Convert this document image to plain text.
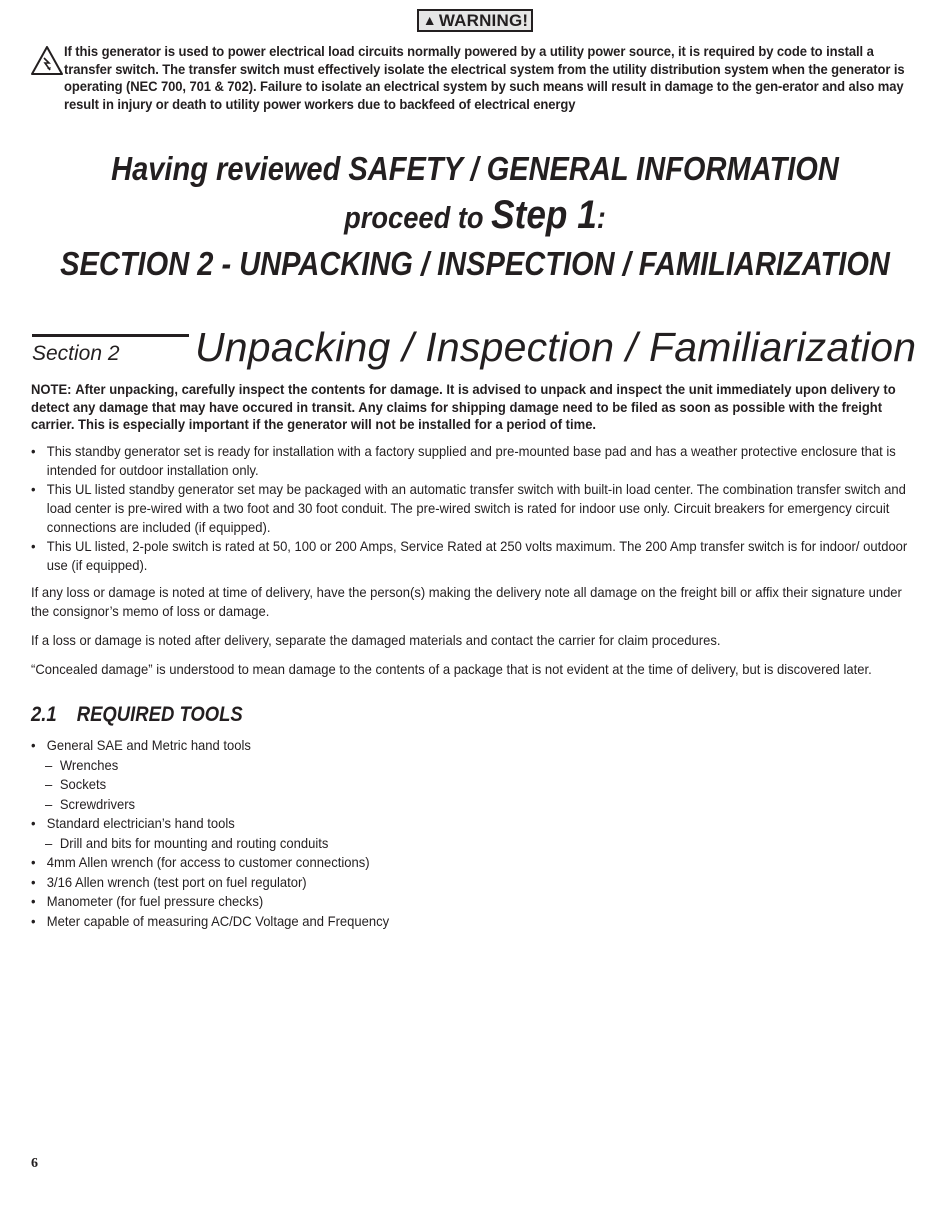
▲ WARNING!
If this generator is used to power electrical load circuits normally powered by a utility power source, it is required by code to install a transfer switch. The transfer switch must effectively isolate the electrical system from the utility distribution system when the generator is operating (NEC 700, 701 & 702). Failure to isolate an electrical system by such means will result in damage to the gen-erator and also may result in injury or death to utility power workers due to backfeed of electrical energy
Having reviewed SAFETY / GENERAL INFORMATION
proceed to Step 1:
SECTION 2 - UNPACKING / INSPECTION / FAMILIARIZATION
Section 2 Unpacking / Inspection / Familiarization
NOTE: After unpacking, carefully inspect the contents for damage. It is advised to unpack and inspect the unit immediately upon delivery to detect any damage that may have occured in transit. Any claims for shipping damage need to be filed as soon as possible with the freight carrier. This is especially important if the generator will not be installed for a period of time.
• This standby generator set is ready for installation with a factory supplied and pre-mounted base pad and has a weather protective enclosure that is intended for outdoor installation only.
• This UL listed standby generator set may be packaged with an automatic transfer switch with built-in load center. The combination transfer switch and load center is pre-wired with a two foot and 30 foot conduit. The pre-wired switch is rated for indoor use only. Circuit breakers for emergency circuit connections are included (if equipped).
• This UL listed, 2-pole switch is rated at 50, 100 or 200 Amps, Service Rated at 250 volts maximum. The 200 Amp transfer switch is for indoor/ outdoor use (if equipped).
If any loss or damage is noted at time of delivery, have the person(s) making the delivery note all damage on the freight bill or affix their signature under the consignor’s memo of loss or damage.
If a loss or damage is noted after delivery, separate the damaged materials and contact the carrier for claim procedures.
“Concealed damage” is understood to mean damage to the contents of a package that is not evident at the time of delivery, but is discovered later.
2.1 REQUIRED TOOLS
• General SAE and Metric hand tools
– Wrenches
– Sockets
– Screwdrivers
• Standard electrician’s hand tools
– Drill and bits for mounting and routing conduits
• 4mm Allen wrench (for access to customer connections)
• 3/16 Allen wrench (test port on fuel regulator)
• Manometer (for fuel pressure checks)
• Meter capable of measuring AC/DC Voltage and Frequency
6
